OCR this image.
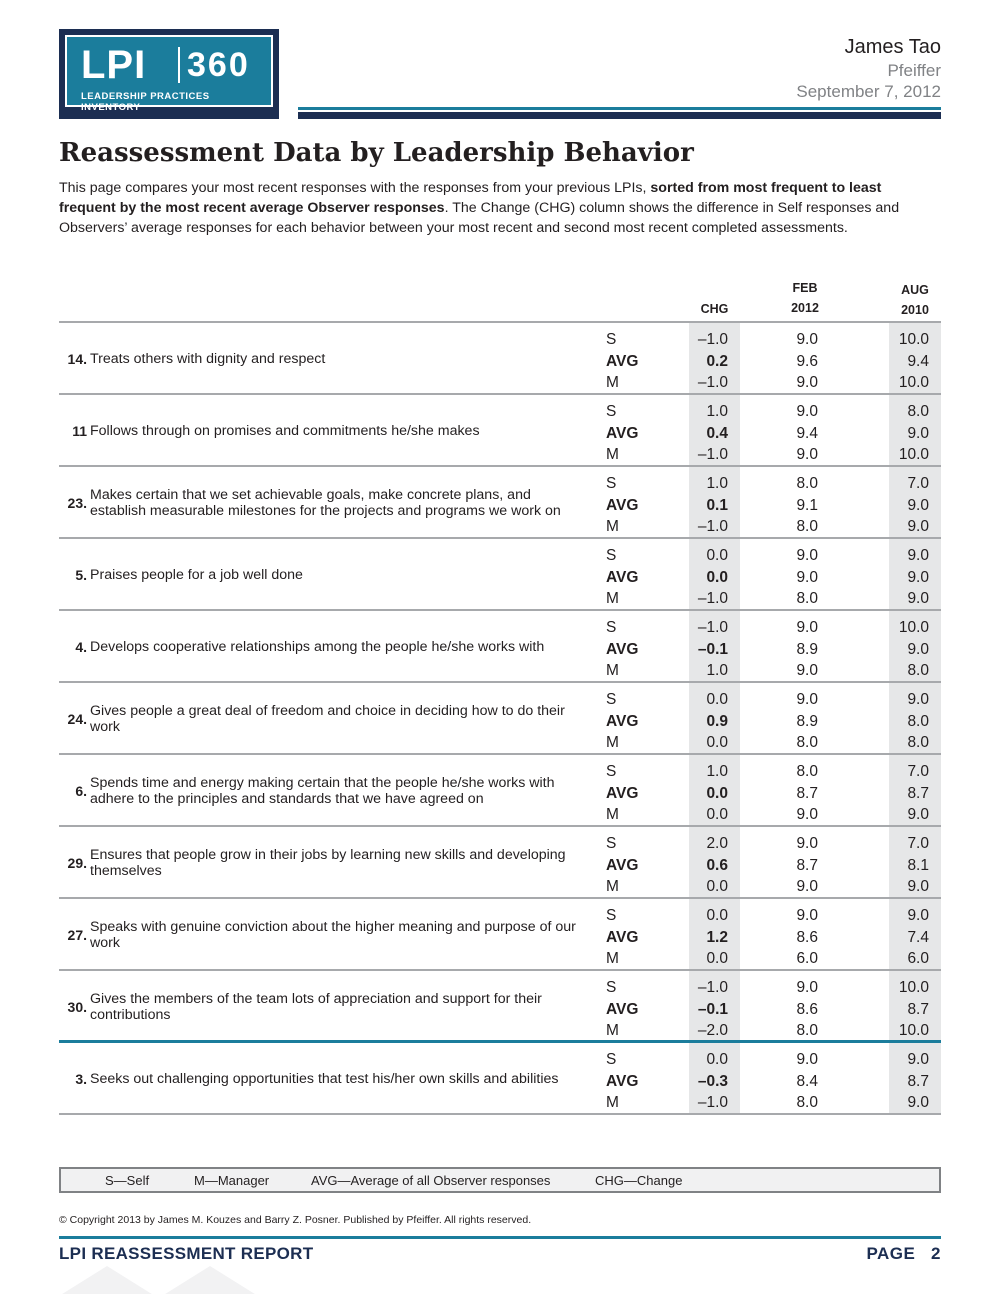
LPI 360
LEADERSHIP PRACTICES INVENTORY
James Tao
Pfeiffer
September 7, 2012
Reassessment Data by Leadership Behavior

This page compares your most recent responses with the responses from your previous LPIs, sorted from most frequent to least frequent by the most recent average Observer responses. The Change (CHG) column shows the difference in Self responses and Observers’ average responses for each behavior between your most recent and second most recent completed assessments.

CHG
FEB
2012
AUG
2010
14. Treats others with dignity and respect
S	–1.0	9.0	10.0
AVG	0.2	9.6	9.4
M	–1.0	9.0	10.0
11 Follows through on promises and commitments he/she makes
S	1.0	9.0	8.0
AVG	0.4	9.4	9.0
M	–1.0	9.0	10.0
23. Makes certain that we set achievable goals, make concrete plans, and establish measurable milestones for the projects and programs we work on
S	1.0	8.0	7.0
AVG	0.1	9.1	9.0
M	–1.0	8.0	9.0
5. Praises people for a job well done
S	0.0	9.0	9.0
AVG	0.0	9.0	9.0
M	–1.0	8.0	9.0
4. Develops cooperative relationships among the people he/she works with
S	–1.0	9.0	10.0
AVG	–0.1	8.9	9.0
M	1.0	9.0	8.0
24. Gives people a great deal of freedom and choice in deciding how to do their work
S	0.0	9.0	9.0
AVG	0.9	8.9	8.0
M	0.0	8.0	8.0
6. Spends time and energy making certain that the people he/she works with adhere to the principles and standards that we have agreed on
S	1.0	8.0	7.0
AVG	0.0	8.7	8.7
M	0.0	9.0	9.0
29. Ensures that people grow in their jobs by learning new skills and developing themselves
S	2.0	9.0	7.0
AVG	0.6	8.7	8.1
M	0.0	9.0	9.0
27. Speaks with genuine conviction about the higher meaning and purpose of our work
S	0.0	9.0	9.0
AVG	1.2	8.6	7.4
M	0.0	6.0	6.0
30. Gives the members of the team lots of appreciation and support for their contributions
S	–1.0	9.0	10.0
AVG	–0.1	8.6	8.7
M	–2.0	8.0	10.0
3. Seeks out challenging opportunities that test his/her own skills and abilities
S	0.0	9.0	9.0
AVG	–0.3	8.4	8.7
M	–1.0	8.0	9.0
S—Self	M—Manager	AVG—Average of all Observer responses	CHG—Change
© Copyright 2013 by James M. Kouzes and Barry Z. Posner. Published by Pfeiffer. All rights reserved.
LPI REASSESSMENT REPORT	PAGE   2
